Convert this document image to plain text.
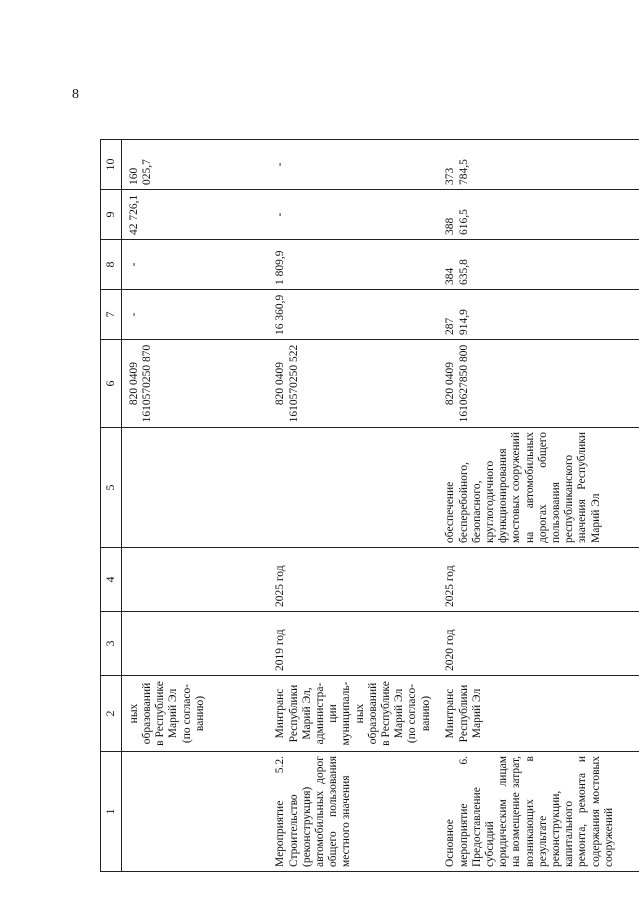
8
1	2	3	4	5	6	7	8	9	10
	ных образований в Республике Марий Эл (по согласо-ванию)				820 0409 1610570250 870	-	-	42 726,1	160 025,7
Мероприятие 5.2. Строительство (реконструкция) автомобильных дорог общего пользования местного значения	Минтранс Республики Марий Эл, администра-ции муниципаль-ных образований в Республике Марий Эл (по согласо-ванию)	2019 год	2025 год		820 0409 1610570250 522	16 360,9	1 809,9	-	-
Основное мероприятие 6. Предоставление субсидий юридическим лицам на возмещение затрат, возникающих в результате реконструкции, капитального ремонта, ремонта и содержания мостовых сооружений	Минтранс Республики Марий Эл	2020 год	2025 год	обеспечение бесперебойного, безопасного, круглогодичного функционирования мостовых сооружений на автомобильных дорогах общего пользования республиканского значения Республики Марий Эл	820 0409 1610627850 800	287 914,9	384 635,8	388 616,5	373 784,5
